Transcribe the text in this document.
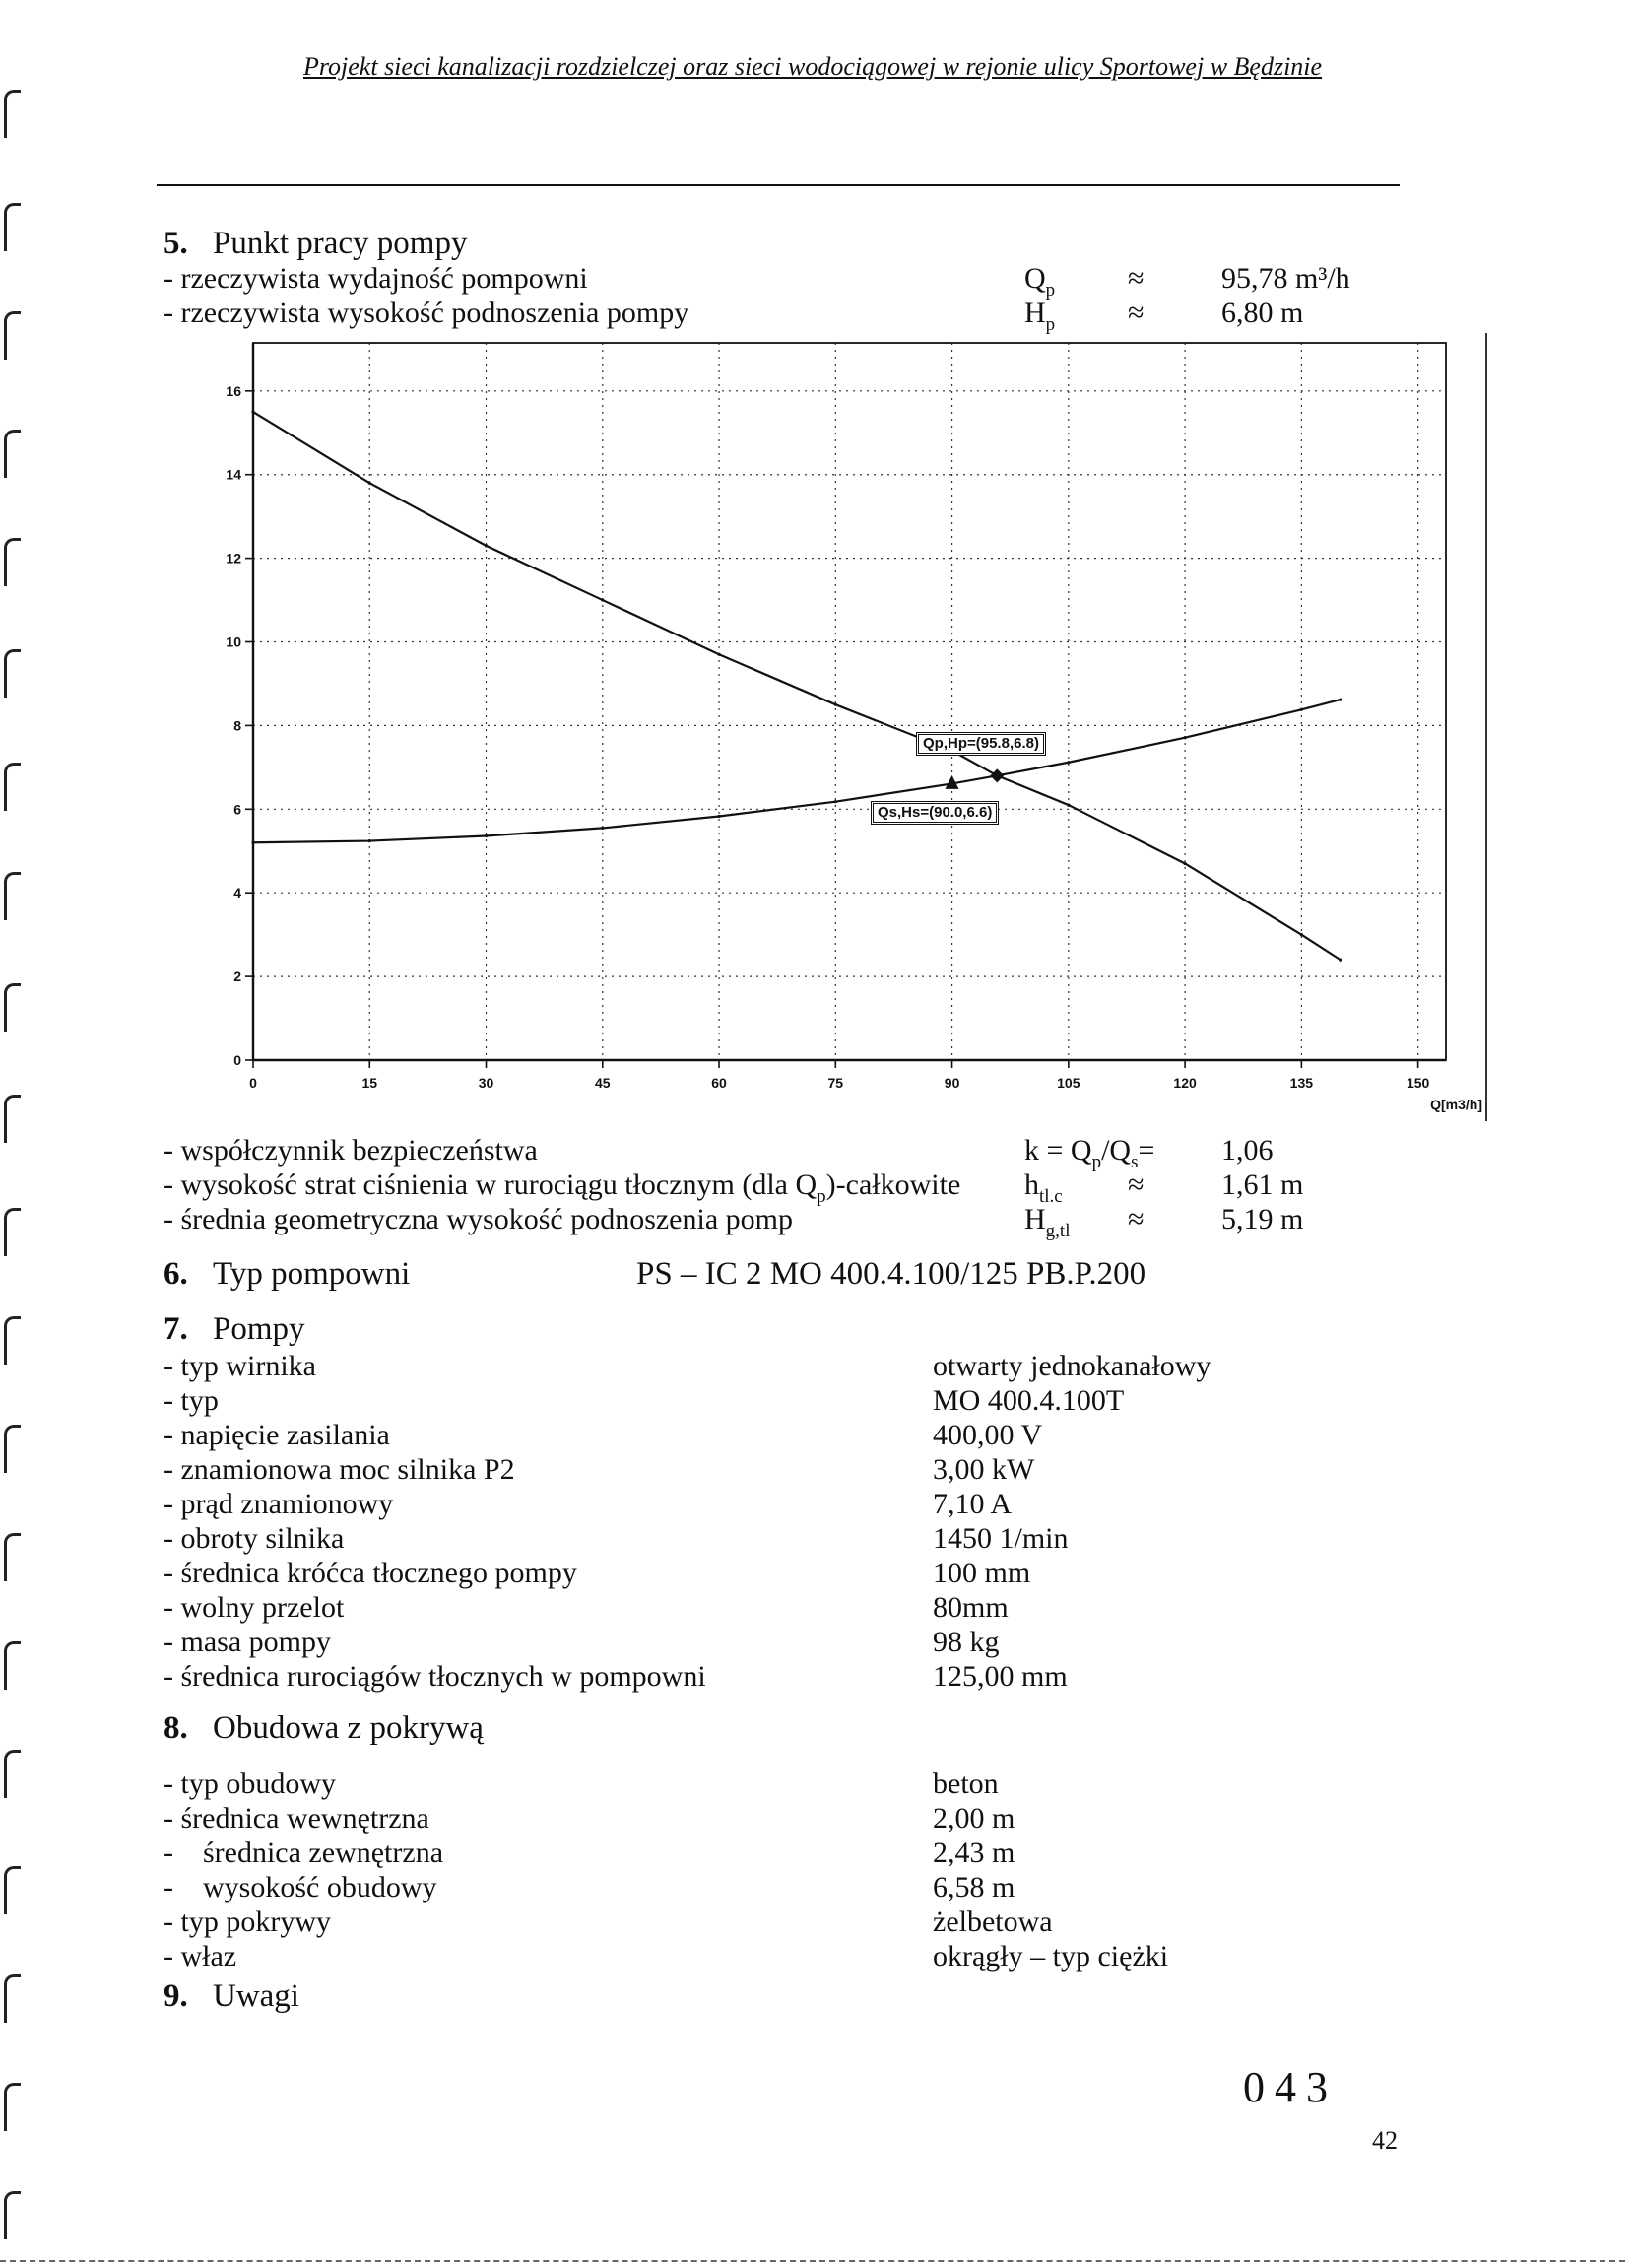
Projekt sieci kanalizacji rozdzielczej oraz sieci wodociągowej w rejonie ulicy Sportowej w Będzinie
5. Punkt pracy pompy
- rzeczywista wydajność pompowni	$Q_p$ ≈	95,78 m³/h
- rzeczywista wysokość podnoszenia pompy	$H_p$ ≈	6,80 m
0
2
4
6
8
10
12
14
16
0	15	30	45	60	75	90	105	120	135	150
Q[m3/h]
Qp,Hp=(95.8,6.8)
Qs,Hs=(90.0,6.6)
- współczynnik bezpieczeństwa	$k = Q_p/Q_s= 1,06$
- wysokość strat ciśnienia w rurociągu tłocznym (dla $Q_p$)-całkowite $h_{tl.c}$ ≈	1,61 m
- średnia geometryczna wysokość podnoszenia pomp	$H_{g,tl}$ ≈	5,19 m
6. Typ pompowni	PS – IC 2 MO 400.4.100/125 PB.P.200
7. Pompy
- typ wirnika	otwarty jednokanałowy
- typ	MO 400.4.100T
- napięcie zasilania	400,00 V
- znamionowa moc silnika P2	3,00 kW
- prąd znamionowy	7,10 A
- obroty silnika	1450 1/min
- średnica króćca tłocznego pompy	100 mm
- wolny przelot	80mm
- masa pompy	98 kg
- średnica rurociągów tłocznych w pompowni	125,00 mm
8. Obudowa z pokrywą
- typ obudowy	beton
- średnica wewnętrzna	2,00 m
-    średnica zewnętrzna	2,43 m
-    wysokość obudowy	6,58 m
- typ pokrywy	żelbetowa
- właz	okrągły – typ ciężki
9. Uwagi
043
42
